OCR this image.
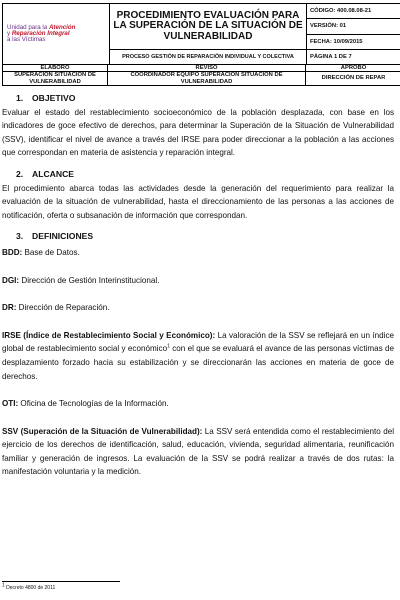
Unidad para la Atención
y Reparación Integral
a las Víctimas	PROCEDIMIENTO EVALUACIÓN PARA LA SUPERACIÓN DE LA SITUACIÓN DE VULNERABILIDAD	CÓDIGO: 400.08.08-21
		VERSIÓN: 01
		FECHA: 10/09/2015

	PROCESO GESTIÓN DE REPARACIÓN INDIVIDUAL Y COLECTIVA	PÁGINA 1 DE 7
ELABORÓ	REVISÓ	APROBÓ
SUPERACIÓN SITUACIÓN DE VULNERABILIDAD	COORDINADOR EQUIPO SUPERACIÓN SITUACIÓN DE VULNERABILIDAD	DIRECCIÓN DE REPAR
1. OBJETIVO

Evaluar el estado del restablecimiento socioeconómico de la población desplazada, con base en los indicadores de goce efectivo de derechos, para determinar la Superación de la Situación de Vulnerabilidad (SSV), identificar el nivel de avance a través del IRSE para poder direccionar a la población a las acciones que correspondan en materia de asistencia y reparación integral.

2. ALCANCE

El procedimiento abarca todas las actividades desde la generación del requerimiento para realizar la evaluación de la situación de vulnerabilidad, hasta el direccionamiento de las personas a las acciones de notificación, oferta o subsanación de información que correspondan.

3. DEFINICIONES

BDD: Base de Datos.

DGI: Dirección de Gestión Interinstitucional.

DR: Dirección de Reparación.

IRSE (Índice de Restablecimiento Social y Económico): La valoración de la SSV se reflejará en un índice global de restablecimiento social y económico$^1$ con el que se evaluará el avance de las personas víctimas de desplazamiento forzado hacia su estabilización y se direccionarán las acciones en materia de goce de derechos.

OTI: Oficina de Tecnologías de la Información.

SSV (Superación de la Situación de Vulnerabilidad): La SSV será entendida como el restablecimiento del ejercicio de los derechos de identificación, salud, educación, vivienda, seguridad alimentaria, reunificación familiar y generación de ingresos. La evaluación de la SSV se podrá realizar a través de dos rutas: la manifestación voluntaria y la medición.

$^1$ Decreto 4800 de 2011
